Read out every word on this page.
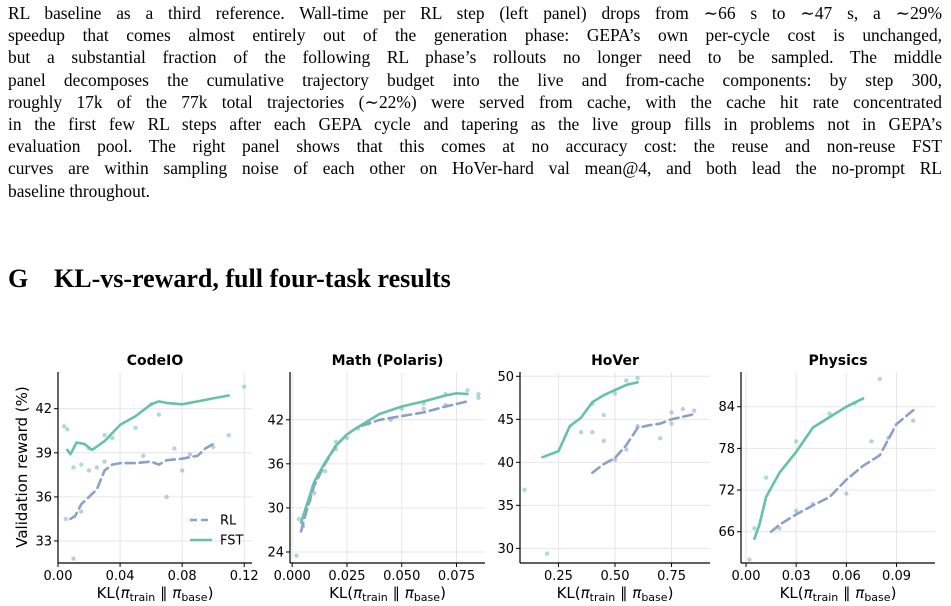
RL baseline as a third reference. Wall-time per RL step (left panel) drops from ∼66 s to ∼47 s, a ∼29%
speedup that comes almost entirely out of the generation phase: GEPA’s own per-cycle cost is unchanged,
but a substantial fraction of the following RL phase’s rollouts no longer need to be sampled. The middle
panel decomposes the cumulative trajectory budget into the live and from-cache components: by step 300,
roughly 17k of the 77k total trajectories (∼22%) were served from cache, with the cache hit rate concentrated
in the first few RL steps after each GEPA cycle and tapering as the live group fills in problems not in GEPA’s
evaluation pool. The right panel shows that this comes at no accuracy cost: the reuse and non-reuse FST
curves are within sampling noise of each other on HoVer-hard val mean@4, and both lead the no-prompt RL
baseline throughout.
G KL-vs-reward, full four-task results
Validation reward (%)
0.00	0.04	0.08	0.12
33
36
39
42
CodeIO
$KL(\pi_{train}$ ∥ $\pi_{base}$)
RL
FST
0.000 0.025 0.050 0.075
24
30
36
42
Math (Polaris)
$KL(\pi_{train}$ ∥ $\pi_{base}$)
0.25 0.50 0.75
30
35
40
45
50
HoVer
$KL(\pi_{train}$ ∥ $\pi_{base}$)
0.00 0.03 0.06 0.09
66
72
78
84
Physics
$KL(\pi_{train}$ ∥ $\pi_{base}$)
